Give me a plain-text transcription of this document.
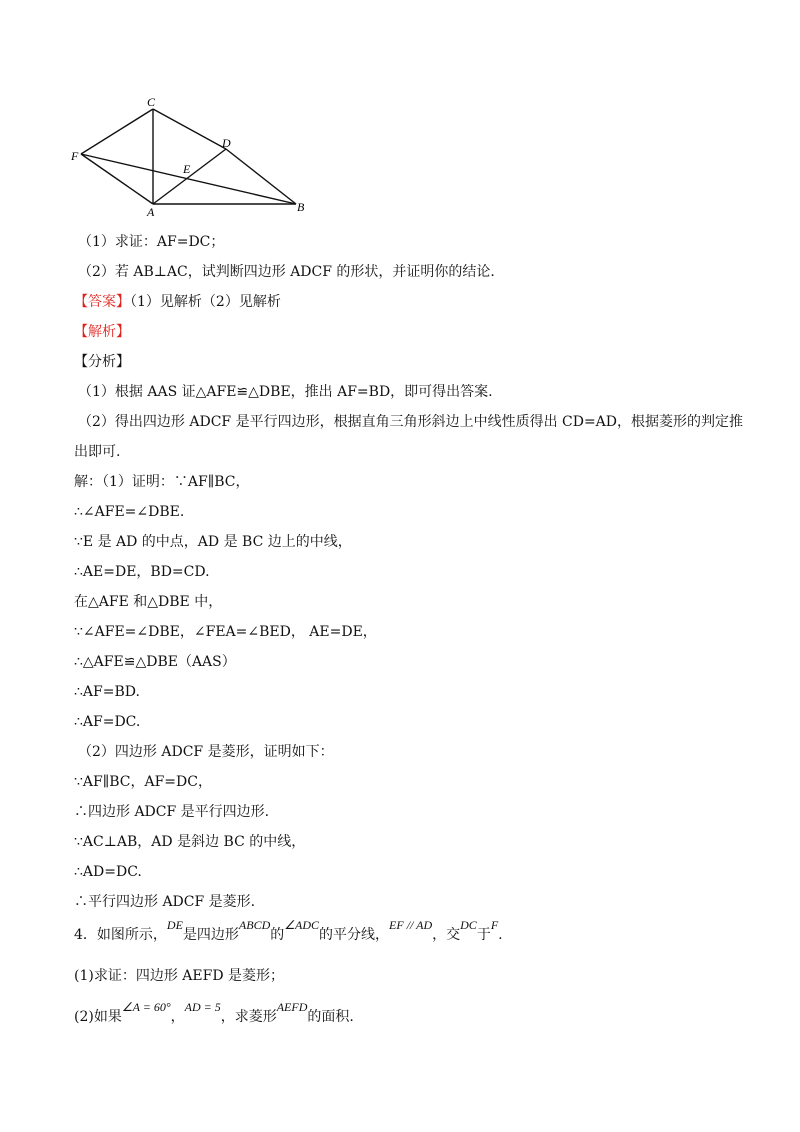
C
D
F
E
A	B
（1）求证：AF=DC；
（2）若 AB⊥AC，试判断四边形 ADCF 的形状，并证明你的结论.
【答案】（1）见解析（2）见解析
【解析】
【分析】
（1）根据 AAS 证△AFE≌△DBE，推出 AF=BD，即可得出答案.
（2）得出四边形 ADCF 是平行四边形，根据直角三角形斜边上中线性质得出 CD=AD，根据菱形的判定推
出即可.
解：（1）证明：∵AF∥BC，
∴∠AFE=∠DBE.
∵E 是 AD 的中点，AD 是 BC 边上的中线，
∴AE=DE，BD=CD.
在△AFE 和△DBE 中，
∵∠AFE=∠DBE，∠FEA=∠BED， AE=DE，
∴△AFE≌△DBE（AAS）
∴AF=BD.
∴AF=DC.
（2）四边形 ADCF 是菱形，证明如下：
∵AF∥BC，AF=DC，
∴四边形 ADCF 是平行四边形.
∵AC⊥AB，AD 是斜边 BC 的中线，
∴AD=DC.
∴平行四边形 ADCF 是菱形.
4．如图所示，DE是四边形ABCD的∠ADC的平分线，EF // AD，交DC于F.
(1)求证：四边形 AEFD 是菱形；
(2)如果∠A = 60°，AD = 5，求菱形AEFD的面积.
